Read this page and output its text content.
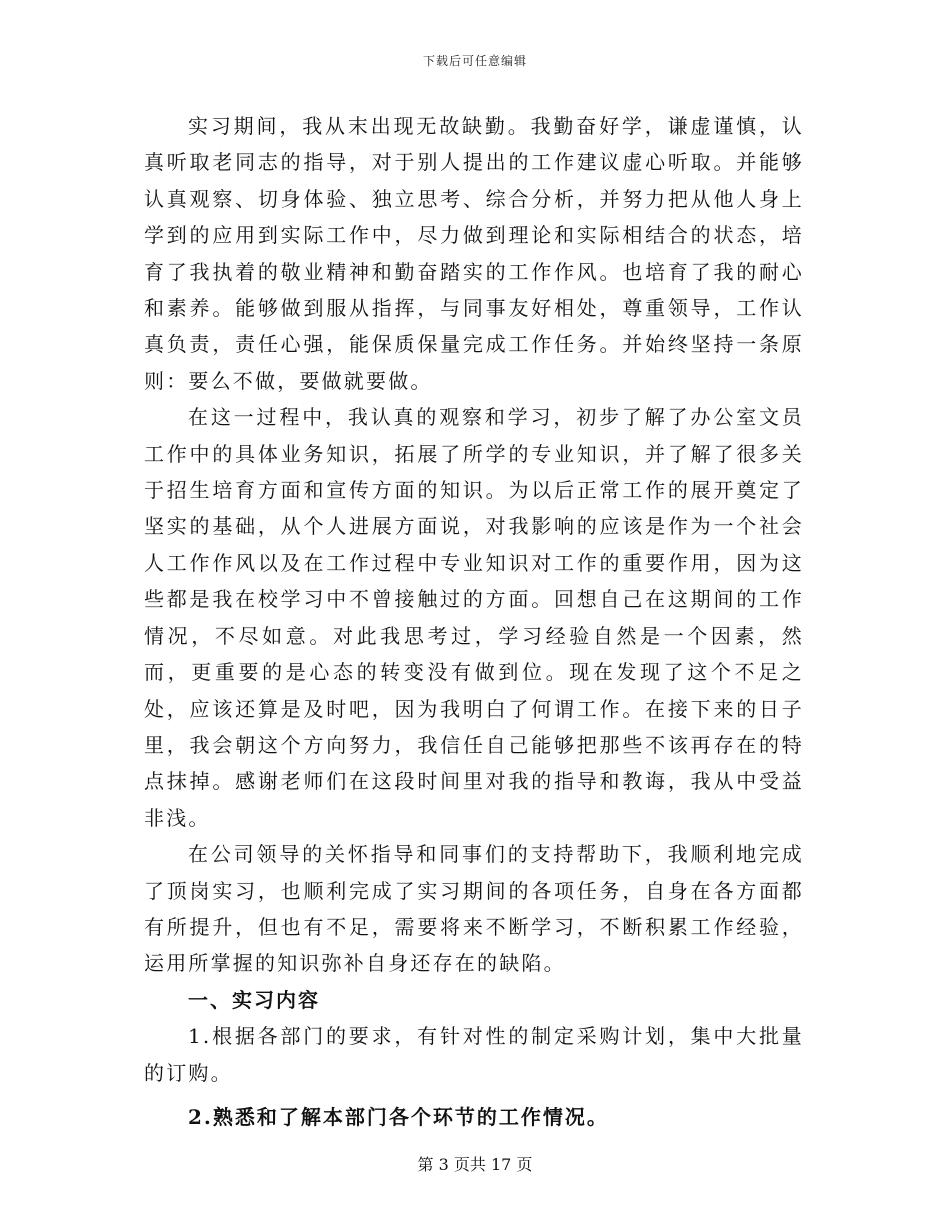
下载后可任意编辑

实习期间，我从末出现无故缺勤。我勤奋好学，谦虚谨慎，认真听取老同志的指导，对于别人提出的工作建议虚心听取。并能够认真观察、切身体验、独立思考、综合分析，并努力把从他人身上学到的应用到实际工作中，尽力做到理论和实际相结合的状态，培育了我执着的敬业精神和勤奋踏实的工作作风。也培育了我的耐心和素养。能够做到服从指挥，与同事友好相处，尊重领导，工作认真负责，责任心强，能保质保量完成工作任务。并始终坚持一条原则：要么不做，要做就要做。

在这一过程中，我认真的观察和学习，初步了解了办公室文员工作中的具体业务知识，拓展了所学的专业知识，并了解了很多关于招生培育方面和宣传方面的知识。为以后正常工作的展开奠定了坚实的基础，从个人进展方面说，对我影响的应该是作为一个社会人工作作风以及在工作过程中专业知识对工作的重要作用，因为这些都是我在校学习中不曾接触过的方面。回想自己在这期间的工作情况，不尽如意。对此我思考过，学习经验自然是一个因素，然而，更重要的是心态的转变没有做到位。现在发现了这个不足之处，应该还算是及时吧，因为我明白了何谓工作。在接下来的日子里，我会朝这个方向努力，我信任自己能够把那些不该再存在的特点抹掉。感谢老师们在这段时间里对我的指导和教诲，我从中受益非浅。

在公司领导的关怀指导和同事们的支持帮助下，我顺利地完成了顶岗实习，也顺利完成了实习期间的各项任务，自身在各方面都有所提升，但也有不足，需要将来不断学习，不断积累工作经验，运用所掌握的知识弥补自身还存在的缺陷。

一、实习内容

1.根据各部门的要求，有针对性的制定采购计划，集中大批量的订购。

2.熟悉和了解本部门各个环节的工作情况。

第 3 页共 17 页
